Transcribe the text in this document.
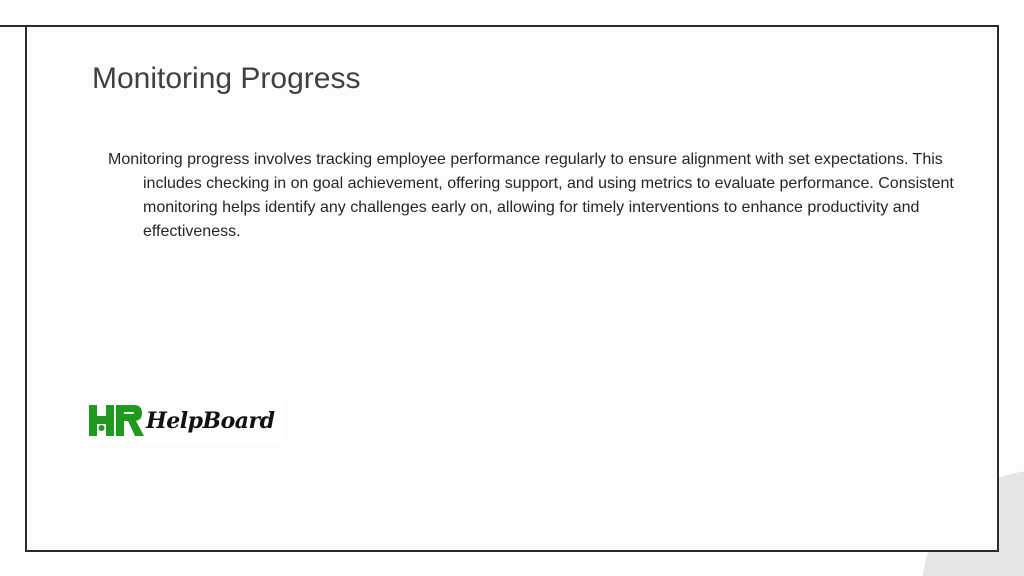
Monitoring Progress

Monitoring progress involves tracking employee performance regularly to ensure alignment with set expectations. This includes checking in on goal achievement, offering support, and using metrics to evaluate performance. Consistent monitoring helps identify any challenges early on, allowing for timely interventions to enhance productivity and effectiveness.

HelpBoard
